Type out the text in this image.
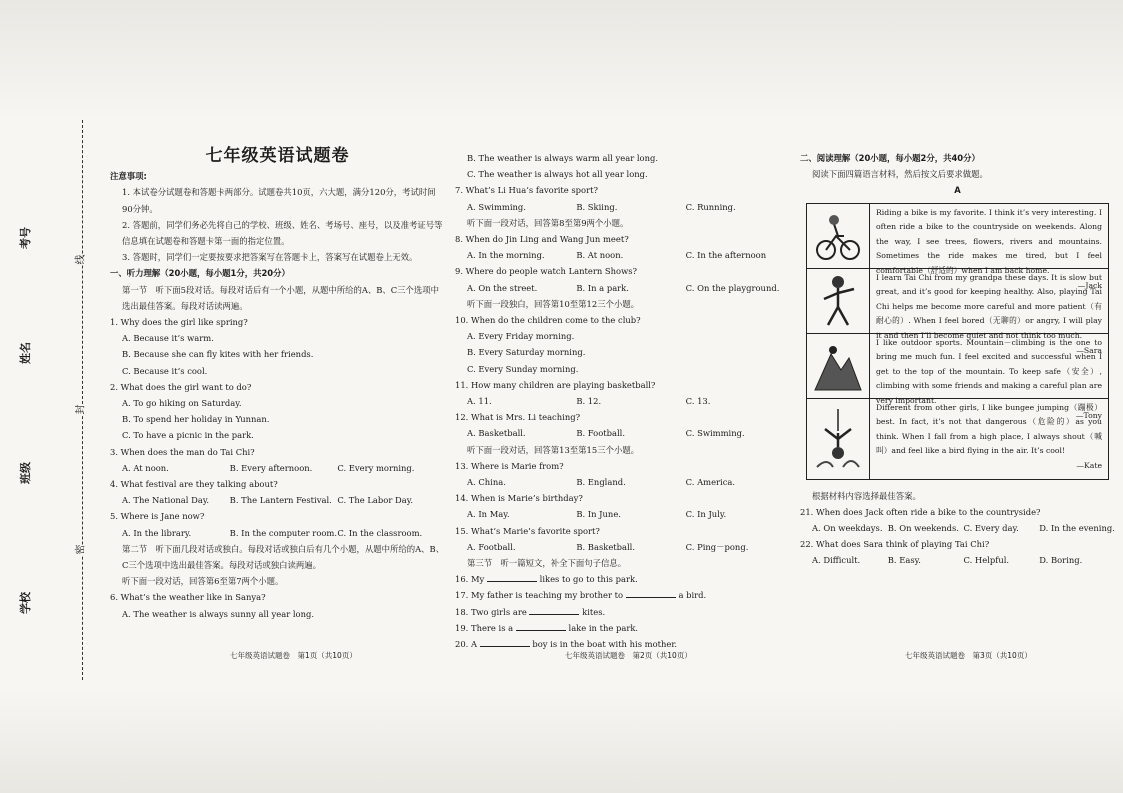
考号
姓名
班级
学校
线
封
密
七年级英语试题卷
注意事项:
1. 本试卷分试题卷和答题卡两部分。试题卷共10页，六大题，满分120分，考试时间90分钟。
2. 答题前，同学们务必先将自己的学校、班级、姓名、考场号、座号，以及准考证号等信息填在试题卷和答题卡第一面的指定位置。
3. 答题时，同学们一定要按要求把答案写在答题卡上，答案写在试题卷上无效。
一、听力理解（20小题，每小题1分，共20分）
第一节　听下面5段对话。每段对话后有一个小题，从题中所给的A、B、C三个选项中选出最佳答案。每段对话读两遍。
1. Why does the girl like spring?
A. Because it’s warm.
B. Because she can fly kites with her friends.
C. Because it’s cool.
2. What does the girl want to do?
A. To go hiking on Saturday.
B. To spend her holiday in Yunnan.
C. To have a picnic in the park.
3. When does the man do Tai Chi?
A. At noon.	B. Every afternoon.	C. Every morning.
4. What festival are they talking about?
A. The National Day.	B. The Lantern Festival. C. The Labor Day.
5. Where is Jane now?
A. In the library.	B. In the computer room. C. In the classroom.
第二节　听下面几段对话或独白。每段对话或独白后有几个小题，从题中所给的A、B、C三个选项中选出最佳答案。每段对话或独白读两遍。
听下面一段对话，回答第6至第7两个小题。
6. What’s the weather like in Sanya?
A. The weather is always sunny all year long.
B. The weather is always warm all year long.
C. The weather is always hot all year long.
7. What’s Li Hua’s favorite sport?
A. Swimming.	B. Skiing.	C. Running.
听下面一段对话，回答第8至第9两个小题。
8. When do Jin Ling and Wang Jun meet?
A. In the morning.	B. At noon.	C. In the afternoon
9. Where do people watch Lantern Shows?
A. On the street.	B. In a park.	C. On the playground.
听下面一段独白，回答第10至第12三个小题。
10. When do the children come to the club?
A. Every Friday morning.
B. Every Saturday morning.
C. Every Sunday morning.
11. How many children are playing basketball?
A. 11.	B. 12.	C. 13.
12. What is Mrs. Li teaching?
A. Basketball.	B. Football.	C. Swimming.
听下面一段对话，回答第13至第15三个小题。
13. Where is Marie from?
A. China.	B. England.	C. America.
14. When is Marie’s birthday?
A. In May.	B. In June.	C. In July.
15. What’s Marie’s favorite sport?
A. Football.	B. Basketball.	C. Ping－pong.
第三节　听一篇短文，补全下面句子信息。
16. My	likes to go to this park.
17. My father is teaching my brother to	a bird.
18. Two girls are	kites.
19. There is a	lake in the park.
20. A	boy is in the boat with his mother.
二、阅读理解（20小题，每小题2分，共40分）
阅读下面四篇语言材料，然后按文后要求做题。
A
Riding a bike is my favorite. I think it’s very interesting. I often ride a bike to the countryside on weekends. Along the way, I see trees, flowers, rivers and mountains. Sometimes the ride makes me tired, but I feel comfortable（舒适的）when I am back home.
—Jack
I learn Tai Chi from my grandpa these days. It is slow but great, and it’s good for keeping healthy. Also, playing Tai Chi helps me become more careful and more patient（有耐心的）. When I feel bored（无聊的）or angry, I will play it and then I’ll become quiet and not think too much.
—Sara
I like outdoor sports. Mountain－climbing is the one to bring me much fun. I feel excited and successful when I get to the top of the mountain. To keep safe（安全）, climbing with some friends and making a careful plan are very important.
—Tony
Different from other girls, I like bungee jumping（蹦极）best. In fact, it’s not that dangerous（危险的）as you think. When I fall from a high place, I always shout（喊叫）and feel like a bird flying in the air. It’s cool!
—Kate
根据材料内容选择最佳答案。
21. When does Jack often ride a bike to the countryside?
A. On weekdays. B. On weekends. C. Every day.	D. In the evening.
22. What does Sara think of playing Tai Chi?
A. Difficult.	B. Easy.	C. Helpful.	D. Boring.
七年级英语试题卷　第1页（共10页）	七年级英语试题卷　第2页（共10页）	七年级英语试题卷　第3页（共10页）
